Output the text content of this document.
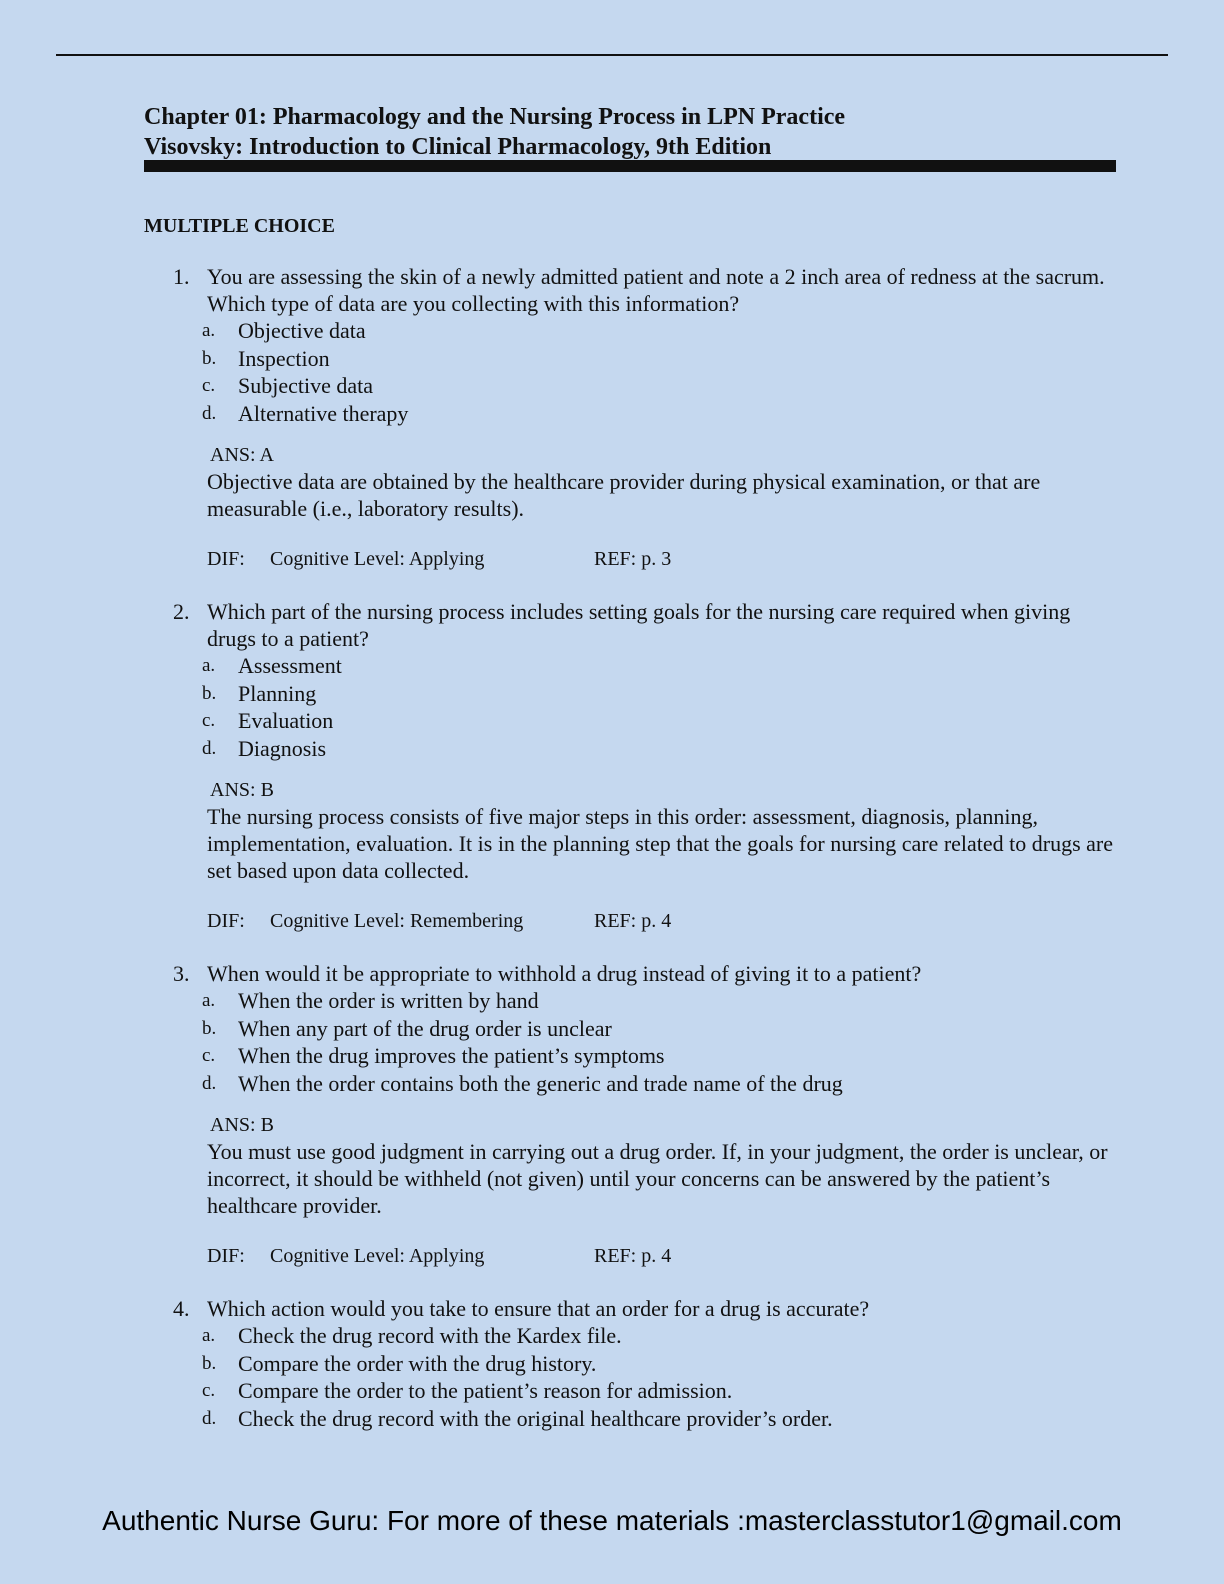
Chapter 01: Pharmacology and the Nursing Process in LPN Practice
Visovsky: Introduction to Clinical Pharmacology, 9th Edition
MULTIPLE CHOICE
1. You are assessing the skin of a newly admitted patient and note a 2 inch area of redness at the sacrum. Which type of data are you collecting with this information?
a. Objective data
b. Inspection
c. Subjective data
d. Alternative therapy
ANS: A
Objective data are obtained by the healthcare provider during physical examination, or that are measurable (i.e., laboratory results).
DIF: Cognitive Level: Applying	REF: p. 3
2. Which part of the nursing process includes setting goals for the nursing care required when giving drugs to a patient?
a. Assessment
b. Planning
c. Evaluation
d. Diagnosis
ANS: B
The nursing process consists of five major steps in this order: assessment, diagnosis, planning, implementation, evaluation. It is in the planning step that the goals for nursing care related to drugs are set based upon data collected.
DIF: Cognitive Level: Remembering	REF: p. 4
3. When would it be appropriate to withhold a drug instead of giving it to a patient?
a. When the order is written by hand
b. When any part of the drug order is unclear
c. When the drug improves the patient’s symptoms
d. When the order contains both the generic and trade name of the drug
ANS: B
You must use good judgment in carrying out a drug order. If, in your judgment, the order is unclear, or incorrect, it should be withheld (not given) until your concerns can be answered by the patient’s healthcare provider.
DIF: Cognitive Level: Applying	REF: p. 4
4. Which action would you take to ensure that an order for a drug is accurate?
a. Check the drug record with the Kardex file.
b. Compare the order with the drug history.
c. Compare the order to the patient’s reason for admission.
d. Check the drug record with the original healthcare provider’s order.
Authentic Nurse Guru: For more of these materials :masterclasstutor1@gmail.com
